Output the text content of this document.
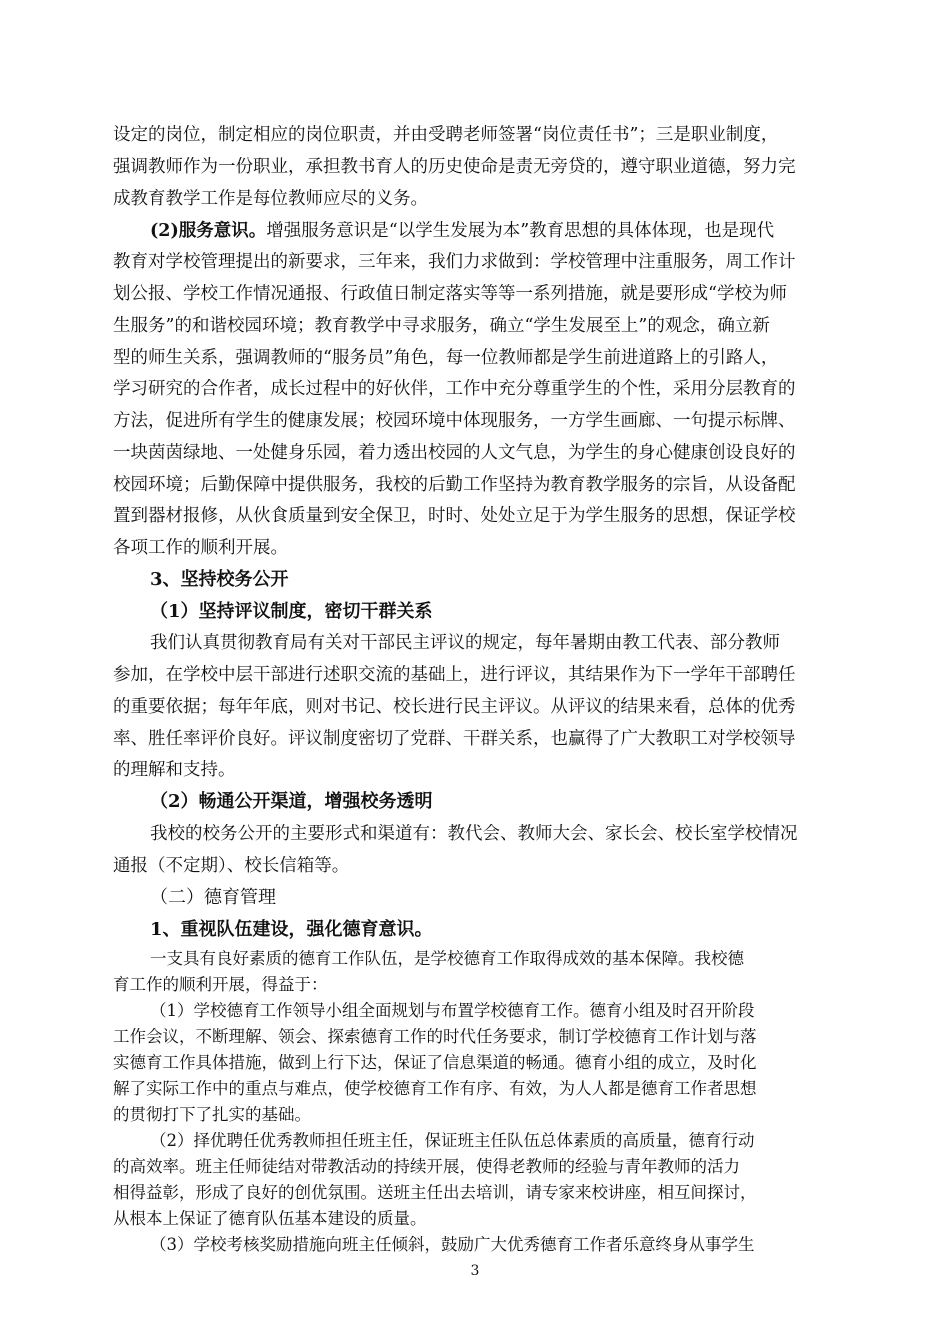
设定的岗位，制定相应的岗位职责，并由受聘老师签署“岗位责任书”；三是职业制度，
强调教师作为一份职业，承担教书育人的历史使命是责无旁贷的，遵守职业道德，努力完
成教育教学工作是每位教师应尽的义务。
(2)服务意识。增强服务意识是“以学生发展为本”教育思想的具体体现，也是现代
教育对学校管理提出的新要求，三年来，我们力求做到：学校管理中注重服务，周工作计
划公报、学校工作情况通报、行政值日制定落实等等一系列措施，就是要形成“学校为师
生服务”的和谐校园环境；教育教学中寻求服务，确立“学生发展至上”的观念，确立新
型的师生关系，强调教师的“服务员”角色，每一位教师都是学生前进道路上的引路人，
学习研究的合作者，成长过程中的好伙伴，工作中充分尊重学生的个性，采用分层教育的
方法，促进所有学生的健康发展；校园环境中体现服务，一方学生画廊、一句提示标牌、
一块茵茵绿地、一处健身乐园，着力透出校园的人文气息，为学生的身心健康创设良好的
校园环境；后勤保障中提供服务，我校的后勤工作坚持为教育教学服务的宗旨，从设备配
置到器材报修，从伙食质量到安全保卫，时时、处处立足于为学生服务的思想，保证学校
各项工作的顺利开展。
3、坚持校务公开
（1）坚持评议制度，密切干群关系
我们认真贯彻教育局有关对干部民主评议的规定，每年暑期由教工代表、部分教师
参加，在学校中层干部进行述职交流的基础上，进行评议，其结果作为下一学年干部聘任
的重要依据；每年年底，则对书记、校长进行民主评议。从评议的结果来看，总体的优秀
率、胜任率评价良好。评议制度密切了党群、干群关系，也赢得了广大教职工对学校领导
的理解和支持。
（2）畅通公开渠道，增强校务透明
我校的校务公开的主要形式和渠道有：教代会、教师大会、家长会、校长室学校情况
通报（不定期）、校长信箱等。
（二）德育管理
1、重视队伍建设，强化德育意识。
一支具有良好素质的德育工作队伍，是学校德育工作取得成效的基本保障。我校德
育工作的顺利开展，得益于：
（1）学校德育工作领导小组全面规划与布置学校德育工作。德育小组及时召开阶段
工作会议，不断理解、领会、探索德育工作的时代任务要求，制订学校德育工作计划与落
实德育工作具体措施，做到上行下达，保证了信息渠道的畅通。德育小组的成立，及时化
解了实际工作中的重点与难点，使学校德育工作有序、有效，为人人都是德育工作者思想
的贯彻打下了扎实的基础。
（2）择优聘任优秀教师担任班主任，保证班主任队伍总体素质的高质量，德育行动
的高效率。班主任师徒结对带教活动的持续开展，使得老教师的经验与青年教师的活力
相得益彰，形成了良好的创优氛围。送班主任出去培训，请专家来校讲座，相互间探讨，
从根本上保证了德育队伍基本建设的质量。
（3）学校考核奖励措施向班主任倾斜，鼓励广大优秀德育工作者乐意终身从事学生
3
